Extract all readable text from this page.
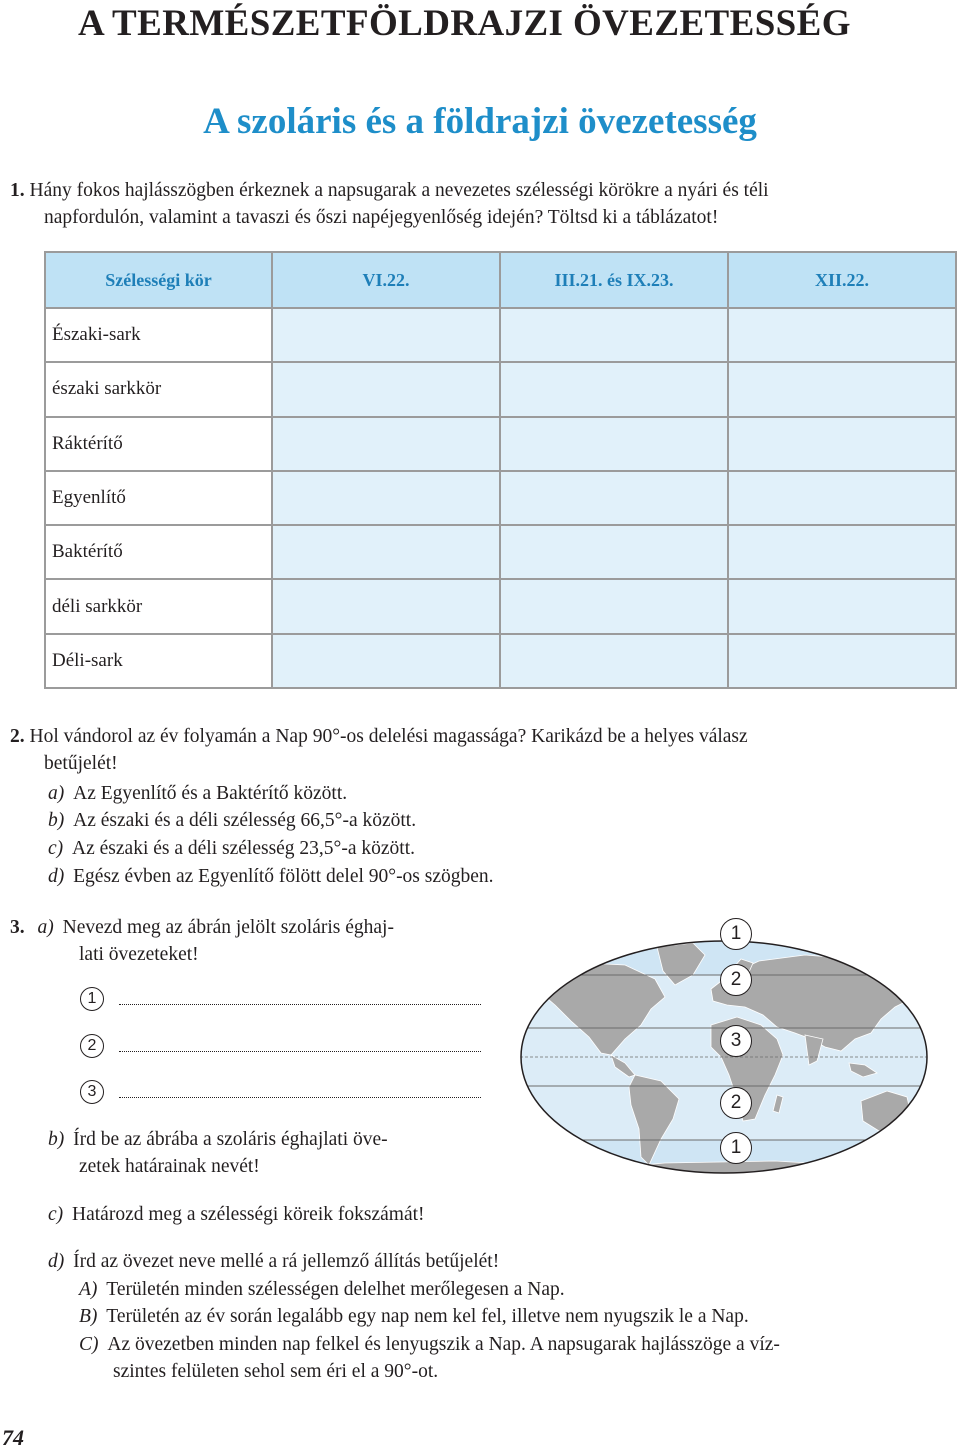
A TERMÉSZETFÖLDRAJZI ÖVEZETESSÉG
A szoláris és a földrajzi övezetesség
1. Hány fokos hajlásszögben érkeznek a napsugarak a nevezetes szélességi körökre a nyári és téli
napfordulón, valamint a tavaszi és őszi napéjegyenlőség idején? Töltsd ki a táblázatot!
Szélességi kör	VI.22.	III.21. és IX.23.	XII.22.
Északi-sark			
északi sarkkör			
Ráktérítő			
Egyenlítő			
Baktérítő			
déli sarkkör			
Déli-sark			
2. Hol vándorol az év folyamán a Nap 90°-os delelési magassága? Karikázd be a helyes válasz
betűjelét!
a) Az Egyenlítő és a Baktérítő között.
b) Az északi és a déli szélesség 66,5°-a között.
c) Az északi és a déli szélesség 23,5°-a között.
d) Egész évben az Egyenlítő fölött delel 90°-os szögben.
3. a) Nevezd meg az ábrán jelölt szoláris éghaj-
lati övezeteket!
1
2
3
b) Írd be az ábrába a szoláris éghajlati öve-
zetek határainak nevét!
c) Határozd meg a szélességi köreik fokszámát!
d) Írd az övezet neve mellé a rá jellemző állítás betűjelét!
A) Területén minden szélességen delelhet merőlegesen a Nap.
B) Területén az év során legalább egy nap nem kel fel, illetve nem nyugszik le a Nap.
C) Az övezetben minden nap felkel és lenyugszik a Nap. A napsugarak hajlásszöge a víz-
szintes felületen sehol sem éri el a 90°-ot.
1
2
3
2
1
74
